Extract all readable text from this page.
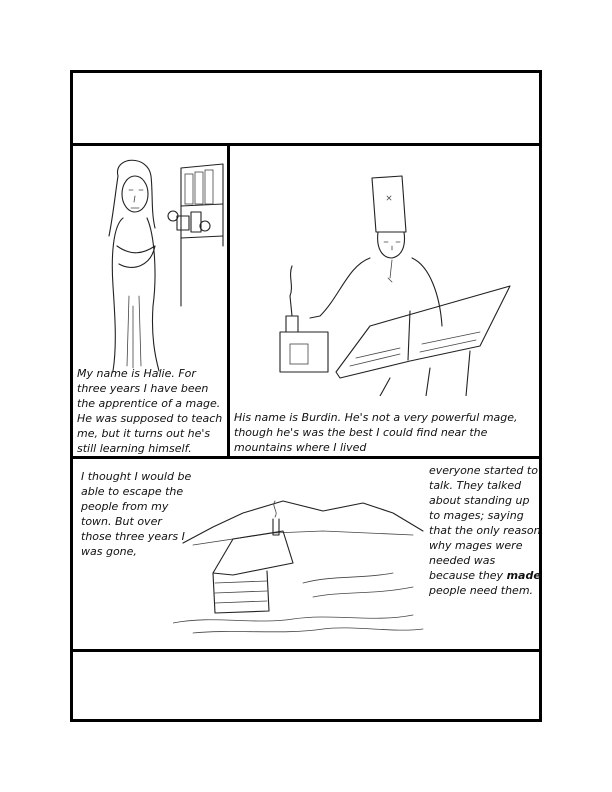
My name is Halie. For three years I have been the apprentice of a mage. He was supposed to teach me, but it turns out he's still learning himself.
His name is Burdin. He's not a very powerful mage, though he's was the best I could find near the mountains where I lived
I thought I would be able to escape the people from my town. But over those three years I was gone,
everyone started to talk. They talked about standing up to mages; saying that the only reason why mages were needed was because they made people need them.
